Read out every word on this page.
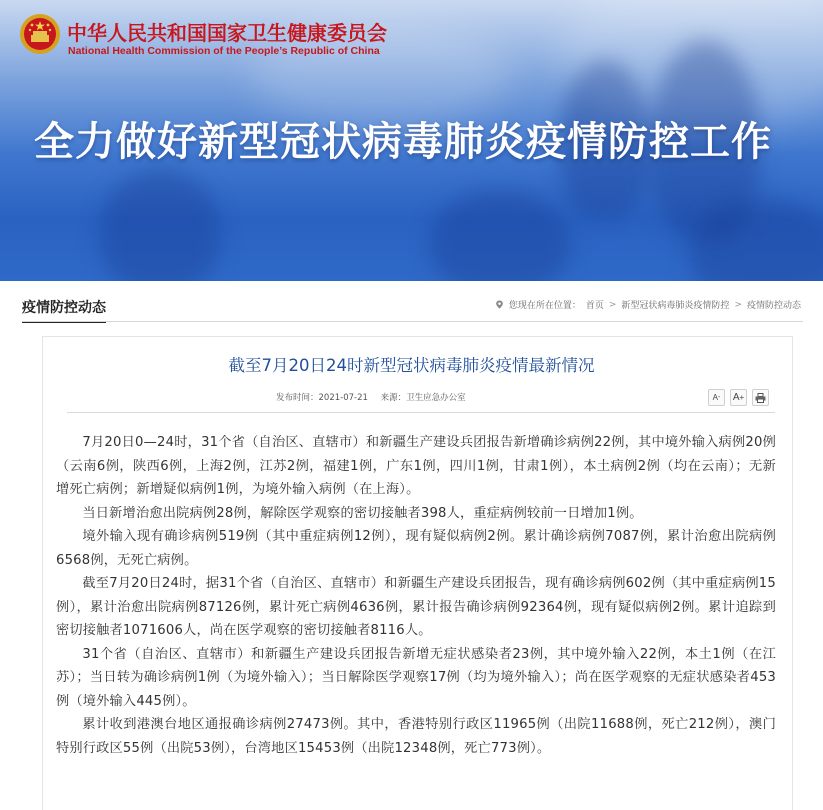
中华人民共和国国家卫生健康委员会
National Health Commission of the People’s Republic of China
全力做好新型冠状病毒肺炎疫情防控工作
疫情防控动态	您现在所在位置： 首页 > 新型冠状病毒肺炎疫情防控 > 疫情防控动态
截至7月20日24时新型冠状病毒肺炎疫情最新情况
发布时间：2021-07-21 来源：卫生应急办公室	A - A +

7月20日0—24时，31个省（自治区、直辖市）和新疆生产建设兵团报告新增确诊病例22例，其中境外输入病例20例（云南6例，陕西6例，上海2例，江苏2例，福建1例，广东1例，四川1例，甘肃1例），本土病例2例（均在云南）；无新增死亡病例；新增疑似病例1例，为境外输入病例（在上海）。

当日新增治愈出院病例28例，解除医学观察的密切接触者398人，重症病例较前一日增加1例。

境外输入现有确诊病例519例（其中重症病例12例），现有疑似病例2例。累计确诊病例7087例，累计治愈出院病例6568例，无死亡病例。

截至7月20日24时，据31个省（自治区、直辖市）和新疆生产建设兵团报告，现有确诊病例602例（其中重症病例15例），累计治愈出院病例87126例，累计死亡病例4636例，累计报告确诊病例92364例，现有疑似病例2例。累计追踪到密切接触者1071606人，尚在医学观察的密切接触者8116人。

31个省（自治区、直辖市）和新疆生产建设兵团报告新增无症状感染者23例，其中境外输入22例，本土1例（在江苏）；当日转为确诊病例1例（为境外输入）；当日解除医学观察17例（均为境外输入）；尚在医学观察的无症状感染者453例（境外输入445例）。

累计收到港澳台地区通报确诊病例27473例。其中，香港特别行政区11965例（出院11688例，死亡212例），澳门特别行政区55例（出院53例），台湾地区15453例（出院12348例，死亡773例）。
